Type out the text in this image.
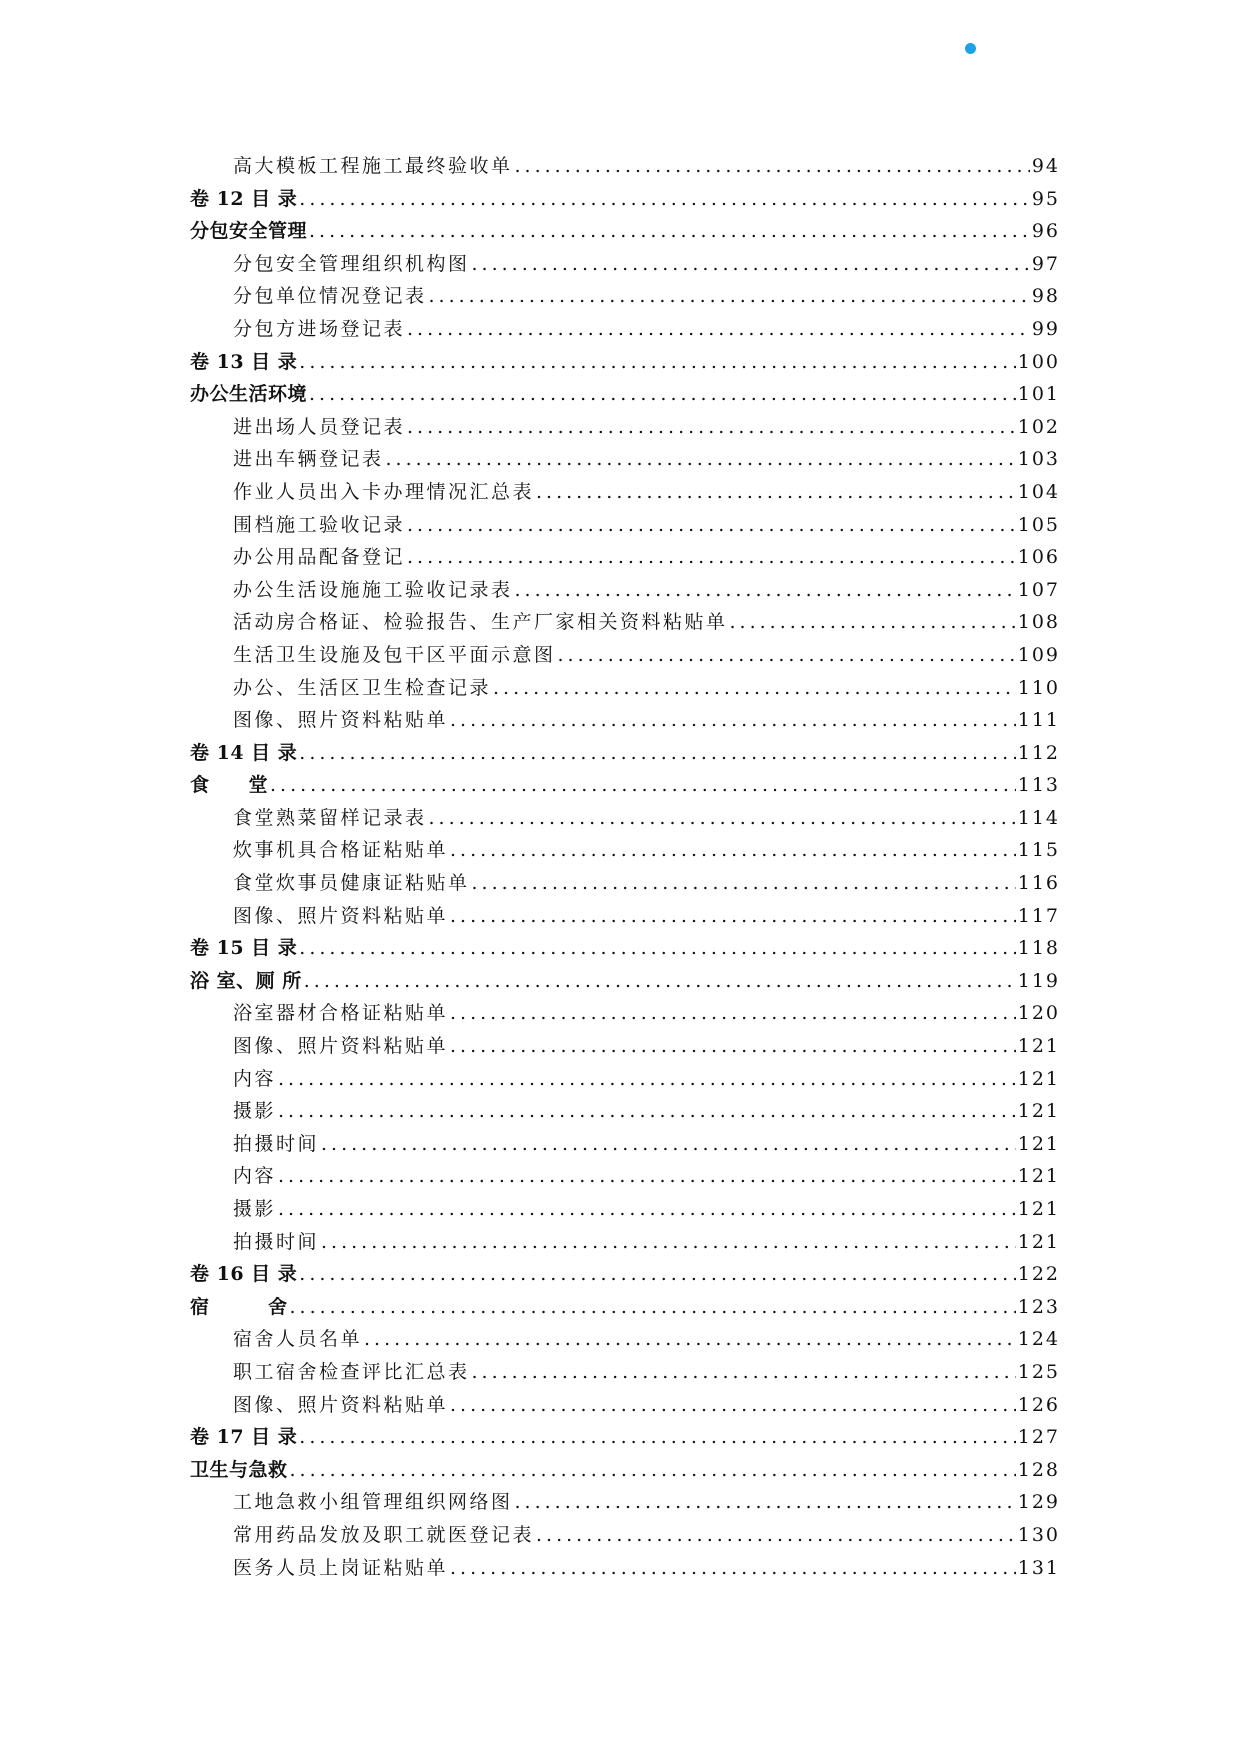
高大模板工程施工最终验收单 .....	94
卷 12 目 录 .....	95
分包安全管理 .....	96
分包安全管理组织机构图 .....	97
分包单位情况登记表 .....	98
分包方进场登记表 .....	99
卷 13 目 录 .....	100
办公生活环境 .....	101
进出场人员登记表 .....	102
进出车辆登记表 .....	103
作业人员出入卡办理情况汇总表 .....	104
围档施工验收记录 .....	105
办公用品配备登记 .....	106
办公生活设施施工验收记录表 .....	107
活动房合格证、检验报告、生产厂家相关资料粘贴单 .....	108
生活卫生设施及包干区平面示意图 .....	109
办公、生活区卫生检查记录 .....	110
图像、照片资料粘贴单 .....	111
卷 14 目 录 .....	112
食　　堂 .....	113
食堂熟菜留样记录表 .....	114
炊事机具合格证粘贴单 .....	115
食堂炊事员健康证粘贴单 .....	116
图像、照片资料粘贴单 .....	117
卷 15 目 录 .....	118
浴 室、厕 所 .....	119
浴室器材合格证粘贴单 .....	120
图像、照片资料粘贴单 .....	121
内容 .....	121
摄影 .....	121
拍摄时间 .....	121
内容 .....	121
摄影 .....	121
拍摄时间 .....	121
卷 16 目 录 .....	122
宿　　　舍 .....	123
宿舍人员名单 .....	124
职工宿舍检查评比汇总表 .....	125
图像、照片资料粘贴单 .....	126
卷 17 目 录 .....	127
卫生与急救 .....	128
工地急救小组管理组织网络图 .....	129
常用药品发放及职工就医登记表 .....	130
医务人员上岗证粘贴单 .....	131
